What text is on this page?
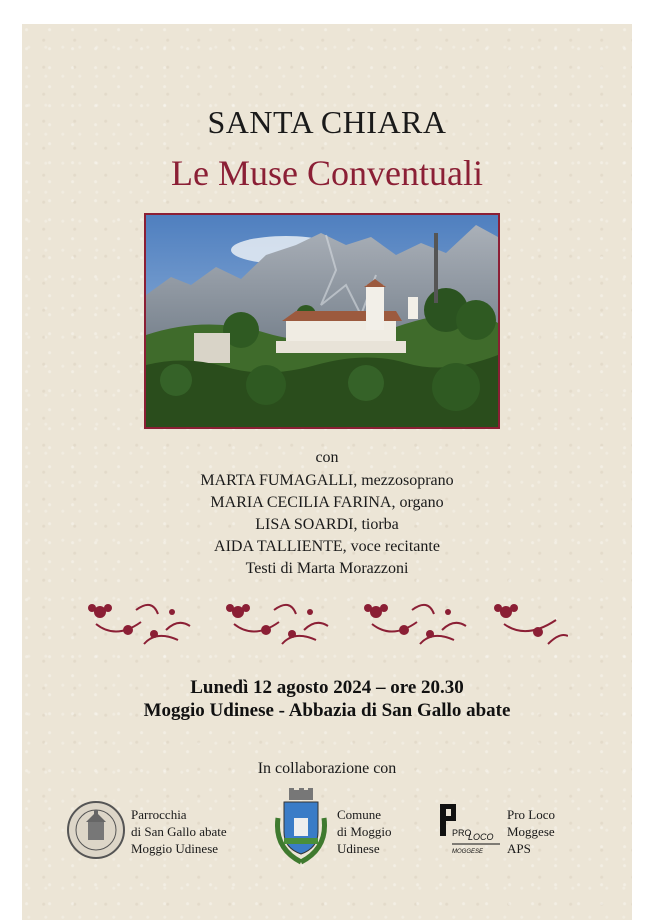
SANTA CHIARA
Le Muse Conventuali
con
MARTA FUMAGALLI, mezzosoprano
MARIA CECILIA FARINA, organo
LISA SOARDI, tiorba
AIDA TALLIENTE, voce recitante
Testi di Marta Morazzoni
Lunedì 12 agosto 2024 – ore 20.30
Moggio Udinese - Abbazia di San Gallo abate
In collaborazione con
Parrocchia
di San Gallo abate
Moggio Udinese
Comune
di Moggio
Udinese
PRO
LOCO
MOGGESE
Pro Loco
Moggese
APS
